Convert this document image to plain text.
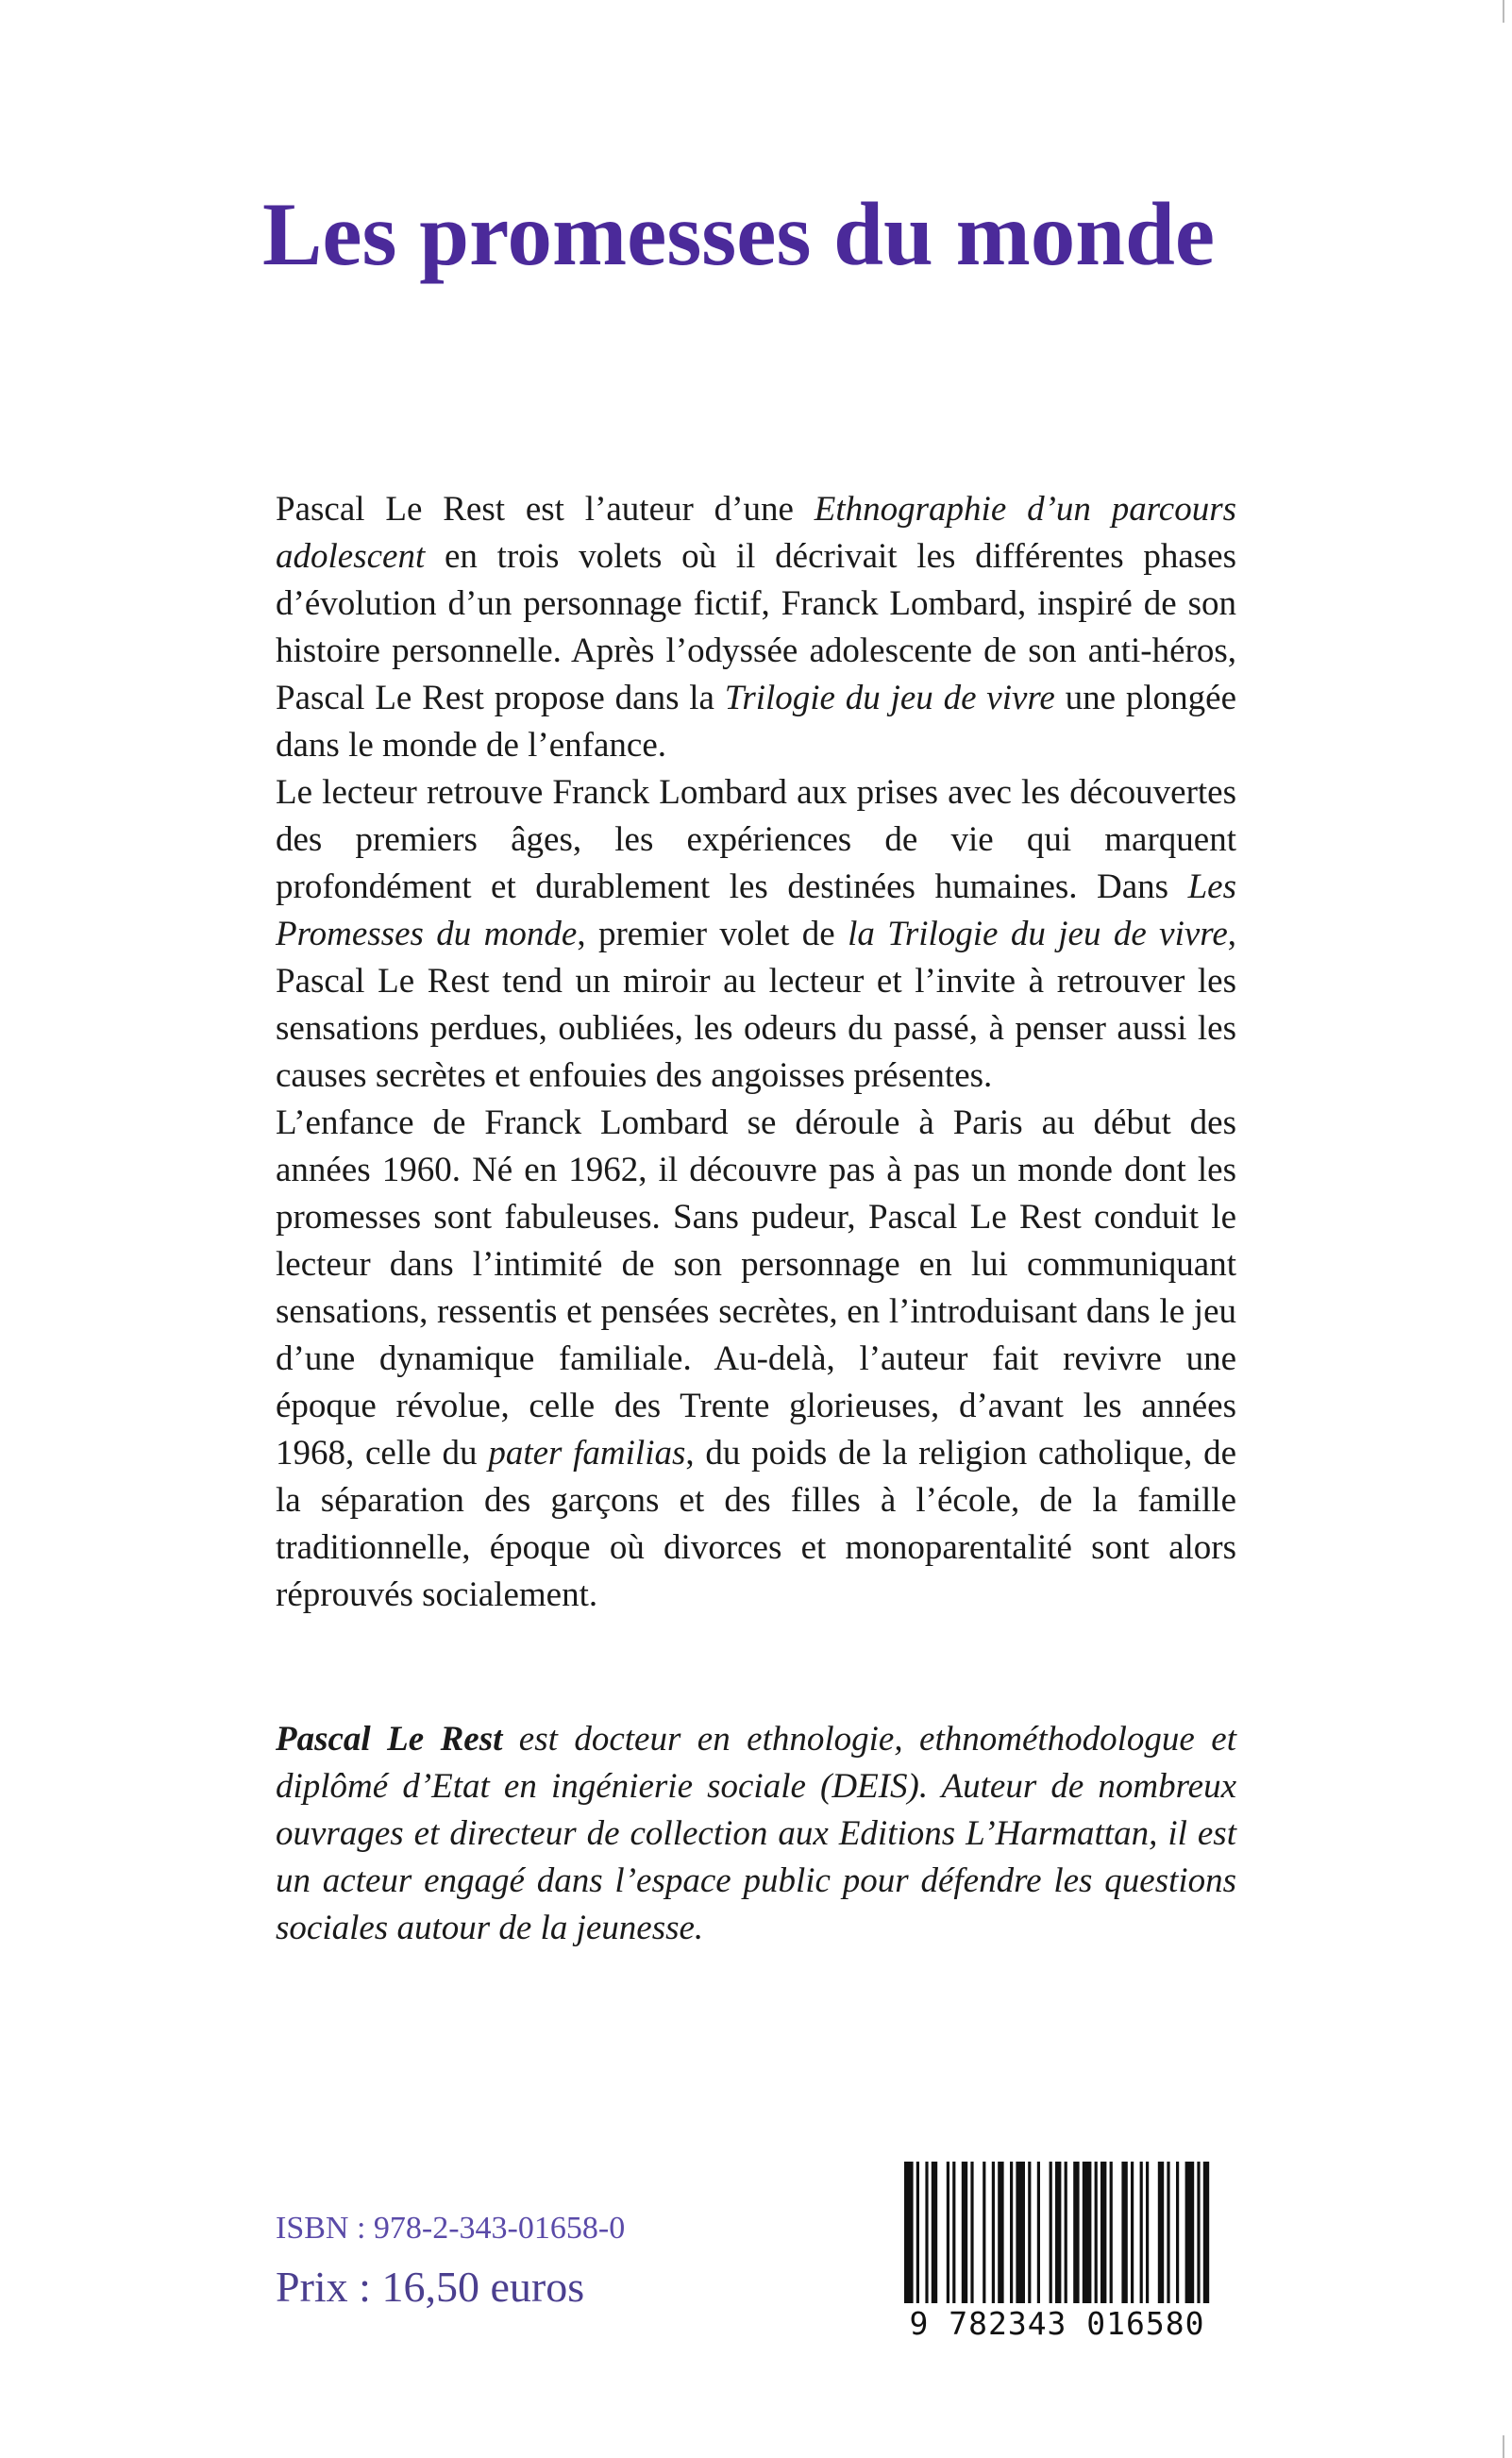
Les promesses du monde

Pascal Le Rest est l’auteur d’une Ethnographie d’un parcours adolescent en trois volets où il décrivait les différentes phases d’évolution d’un personnage fictif, Franck Lombard, inspiré de son histoire personnelle. Après l’odyssée adolescente de son anti-héros, Pascal Le Rest propose dans la Trilogie du jeu de vivre une plongée dans le monde de l’enfance.

Le lecteur retrouve Franck Lombard aux prises avec les découvertes des premiers âges, les expériences de vie qui marquent profondément et durablement les destinées humaines. Dans Les Promesses du monde, premier volet de la Trilogie du jeu de vivre, Pascal Le Rest tend un miroir au lecteur et l’invite à retrouver les sensations perdues, oubliées, les odeurs du passé, à penser aussi les causes secrètes et enfouies des angoisses présentes.

L’enfance de Franck Lombard se déroule à Paris au début des années 1960. Né en 1962, il découvre pas à pas un monde dont les promesses sont fabuleuses. Sans pudeur, Pascal Le Rest conduit le lecteur dans l’intimité de son personnage en lui communiquant sensations, ressentis et pensées secrètes, en l’introduisant dans le jeu d’une dynamique familiale. Au-delà, l’auteur fait revivre une époque révolue, celle des Trente glorieuses, d’avant les années 1968, celle du pater familias, du poids de la religion catholique, de la séparation des garçons et des filles à l’école, de la famille traditionnelle, époque où divorces et monoparentalité sont alors réprouvés socialement.

Pascal Le Rest est docteur en ethnologie, ethnométhodologue et diplômé d’Etat en ingénierie sociale (DEIS). Auteur de nombreux ouvrages et directeur de collection aux Editions L’Harmattan, il est un acteur engagé dans l’espace public pour défendre les questions sociales autour de la jeunesse.

ISBN : 978-2-343-01658-0
Prix : 16,50 euros
9 782343 016580
